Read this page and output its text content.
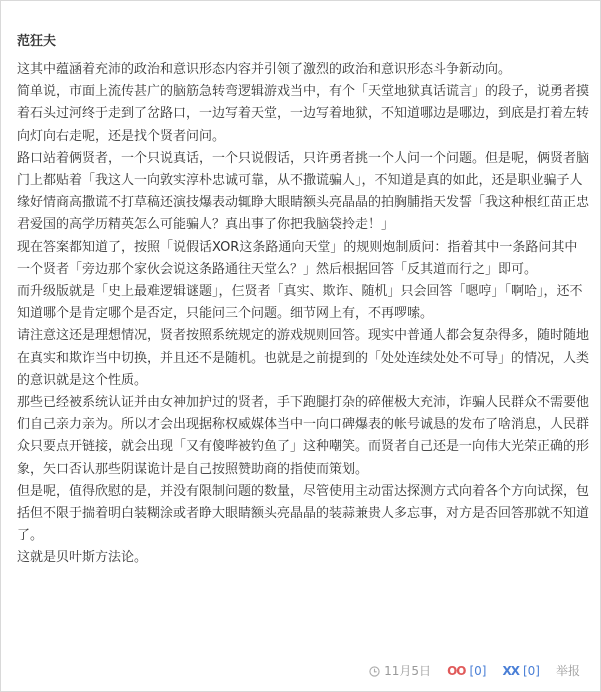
范狂夫

这其中蕴涵着充沛的政治和意识形态内容并引领了激烈的政治和意识形态斗争新动向。

简单说，市面上流传甚广的脑筋急转弯逻辑游戏当中，有个「天堂地狱真话谎言」的段子，说勇者摸着石头过河终于走到了岔路口，一边写着天堂，一边写着地狱，不知道哪边是哪边，到底是打着左转向灯向右走呢，还是找个贤者问问。

路口站着俩贤者，一个只说真话，一个只说假话，只许勇者挑一个人问一个问题。但是呢，俩贤者脑门上都贴着「我这人一向敦实淳朴忠诚可靠，从不撒谎骗人」，不知道是真的如此，还是职业骗子人缘好情商高撒谎不打草稿还演技爆表动辄睁大眼睛额头亮晶晶的拍胸脯指天发誓「我这种根红苗正忠君爱国的高学历精英怎么可能骗人？真出事了你把我脑袋拎走！」

现在答案都知道了，按照「说假话XOR这条路通向天堂」的规则炮制质问：指着其中一条路问其中一个贤者「旁边那个家伙会说这条路通往天堂么？」然后根据回答「反其道而行之」即可。

而升级版就是「史上最难逻辑谜题」，仨贤者「真实、欺诈、随机」只会回答「嗯哼」「啊哈」，还不知道哪个是肯定哪个是否定，只能问三个问题。细节网上有，不再啰嗦。

请注意这还是理想情况，贤者按照系统规定的游戏规则回答。现实中普通人都会复杂得多，随时随地在真实和欺诈当中切换，并且还不是随机。也就是之前提到的「处处连续处处不可导」的情况，人类的意识就是这个性质。

那些已经被系统认证并由女神加护过的贤者，手下跑腿打杂的碎催极大充沛，诈骗人民群众不需要他们自己亲力亲为。所以才会出现据称权威媒体当中一向口碑爆表的帐号诚恳的发布了啥消息，人民群众只要点开链接，就会出现「又有傻哔被钓鱼了」这种嘲笑。而贤者自己还是一向伟大光荣正确的形象，矢口否认那些阴谋诡计是自己按照赞助商的指使而策划。

但是呢，值得欣慰的是，并没有限制问题的数量，尽管使用主动雷达探测方式向着各个方向试探，包括但不限于揣着明白装糊涂或者睁大眼睛额头亮晶晶的装蒜兼贵人多忘事，对方是否回答那就不知道了。

这就是贝叶斯方法论。

11月5日 OO [0] XX [0] 举报
